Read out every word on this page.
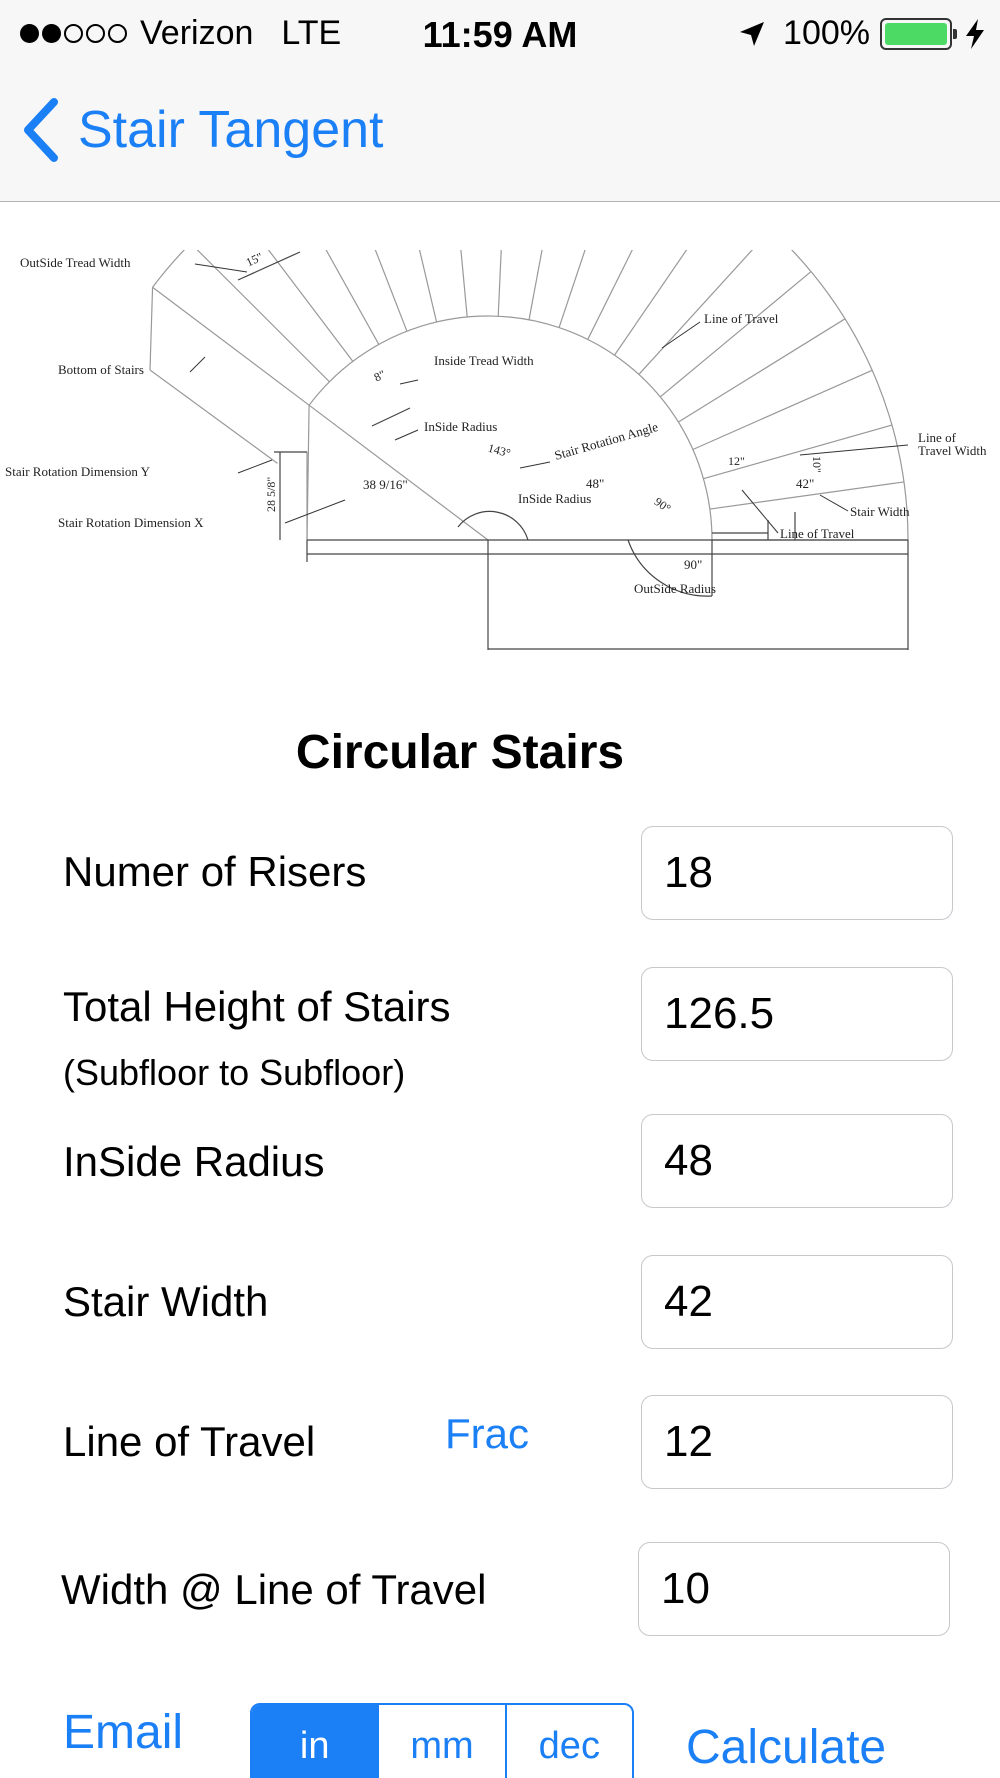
Verizon LTE	11:59 AM	100%
Stair Tangent
OutSide Tread Width	15"
Bottom of Stairs	8"
Inside Tread Width
Line of Travel
InSide Radius
143°	Stair Rotation Angle
28 5/8"
Stair Rotation Dimension Y
12"	10"
Line of
Travel Width
38 9/16"	48"
InSide Radius	90°
42"
Stair Width
Stair Rotation Dimension X
Line of Travel
90"
OutSide Radius
Circular Stairs
Numer of Risers	18
Total Height of Stairs
(Subfloor to Subfloor)
126.5
InSide Radius	48
Stair Width	42
Line of Travel	Frac	12
Width @ Line of Travel	10
Email	in	mm	dec	Calculate
